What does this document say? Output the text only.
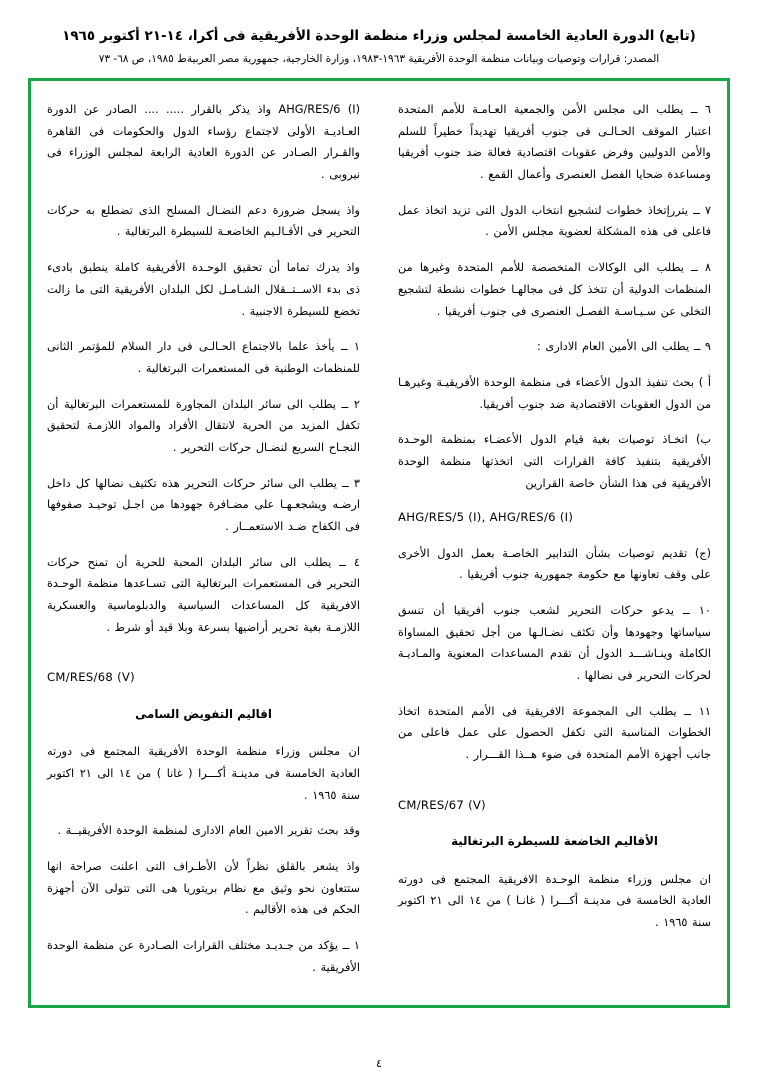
(تابع) الدورة العادية الخامسة لمجلس وزراء منظمة الوحدة الأفريقية فى أكرا، ١٤-٢١ أكتوبر ١٩٦٥
المصدر: قرارات وتوصيات وبيانات منظمة الوحدة الأفريقية ١٩٦٣-١٩٨٣، وزارة الخارجية، جمهورية مصر العربية‌ط ١٩٨٥، ص ٦٨- ٧٣

٦ ــ يطلب الى مجلس الأمن والجمعية العـامـة للأمم المتحدة اعتبار الموقف الحـالـى فى جنوب أفريقيا تهديداً خطيراً للسلم والأمن الدوليين وفرض عقوبات اقتصادية فعالة ضد جنوب أفريقيا ومساعدة ضحايا الفصل العنصرى وأعمال القمع .

٧ ــ يتررإتخاذ خطوات لتشجيع انتخاب الدول التى تزيد اتخاذ عمل فاعلى فى هذه المشكلة لعضوية مجلس الأمن .

٨ ــ يطلب الى الوكالات المتخصصة للأمم المتحدة وغيرها من المنظمات الدولية أن تتخذ كل فى مجالهـا خطوات نشطة لتشجيع التخلى عن سـيـاسـة الفصـل العنصرى فى جنوب أفريقيا .

٩ ــ يطلب الى الأمين العام الادارى :

أ ) بحث تنفيذ الدول الأعضاء فى منظمة الوحدة الأفريقيـة وغيرهـا من الدول العقوبات الاقتصادية ضد جنوب أفريقيا.

ب) اتخـاذ توصيات بغية قيام الدول الأعضـاء بمنظمة الوحـدة الأفريقية بتنفيذ كافة القرارات التى اتخذتها منظمة الوحدة الأفريقية فى هذا الشأن خاصة القرارين

AHG/RES/5 (I), AHG/RES/6 (I)

(ج) تقديم توصيات بشأن التدابير الخاصـة بعمل الدول الأخرى على وقف تعاونها مع حكومة جمهورية جنوب أفريقيا .

١٠ ــ يدعو حركات التحرير لشعب جنوب أفريقيا أن تنسق سياساتها وجهودها وأن تكثف نضـالـها من أجل تحقيق المساواة الكاملة وينـاشـــد الدول أن تقدم المساعدات المعنوية والمـاديـة لحركات التحرير فى نضالها .

١١ ــ يطلب الى المجموعة الافريقية فى الأمم المتحدة اتخاذ الخطوات المناسبة التى تكفل الحصول على عمل فاعلى من جانب أجهزة الأمم المتحدة فى ضوء هــذا القـــرار .

CM/RES/67 (V)

الأقاليم الخاضعة للسيطرة البرتغالية

ان مجلس وزراء منظمة الوحـدة الافريقية المجتمع فى دورته العادية الخامسة فى مدينـة أكـــرا ( غانـا ) من ١٤ الى ٢١ اكتوبر سنة ١٩٦٥ .

AHG/RES/6 (I) واذ يذكر بالقرار ..... .... الصادر عن الدورة العـاديـة الأولى لاجتماع رؤساء الدول والحكومات فى القاهرة والقـرار الصـادر عن الدورة العادية الرابعة لمجلس الوزراء فى نيروبى .

واذ يسجل ضرورة دعم النضـال المسلح الذى تضطلع به حركات التحرير فى الأقـالـيم الخاضعـة للسيطرة البرتغالية .

واذ يدرك تماما أن تحقيق الوحـدة الأفريقية كاملة ينطبق بادىء ذى بدء الاســتــقلال الشـامـل لكل البلدان الأفريقية التى ما زالت تخضع للسيطرة الاجنبية .

١ ــ يأخذ علما بالاجتماع الحـالـى فى دار السلام للمؤتمر الثانى للمنظمات الوطنية فى المستعمرات البرتغالية .

٢ ــ يطلب الى سائر البلدان المجاورة للمستعمرات البرتغالية أن تكفل المزيد من الحرية لانتقال الأفراد والمواد اللازمـة لتحقيق النجـاح السريع لنضـال حركات التحرير .

٣ ــ يطلب الى سائر حركات التحرير هذه تكثيف نضالها كل داخل ارضـه ويشجعـهـا على مضـافرة جهودها من اجـل توحيـد صفوفها فى الكفاح ضـد الاستعمــار .

٤ ــ يطلب الى سائر البلدان المحبة للحرية أن تمنح حركات التحرير فى المستعمرات البرتغالية التى تسـاعدها منظمة الوحـدة الافريقية كل المساعدات السياسية والدبلوماسية والعسكرية اللازمـة بغية تحرير أراضيها بسرعة وبلا قيد أو شرط .

CM/RES/68 (V)

اقاليم التفويض السامى

ان مجلس وزراء منظمة الوحدة الأفريقية المجتمع فى دورته العادية الخامسة فى مدينـة أكـــرا ( غانا ) من ١٤ الى ٢١ اكتوبر سنة ١٩٦٥ .

وقد بحث تقرير الامين العام الادارى لمنظمة الوحدة الأفريقيــة .

واذ يشعر بالقلق نظراً لأن الأطـراف التى اعلنت صراحة انها ستتعاون نحو وثيق مع نظام بريتوريا هى التى تتولى الآن أجهزة الحكم فى هذه الأقاليم .

١ ــ يؤكد من جـديـد مختلف القرارات الصـادرة عن منظمة الوحدة الأفريقية .

٤
